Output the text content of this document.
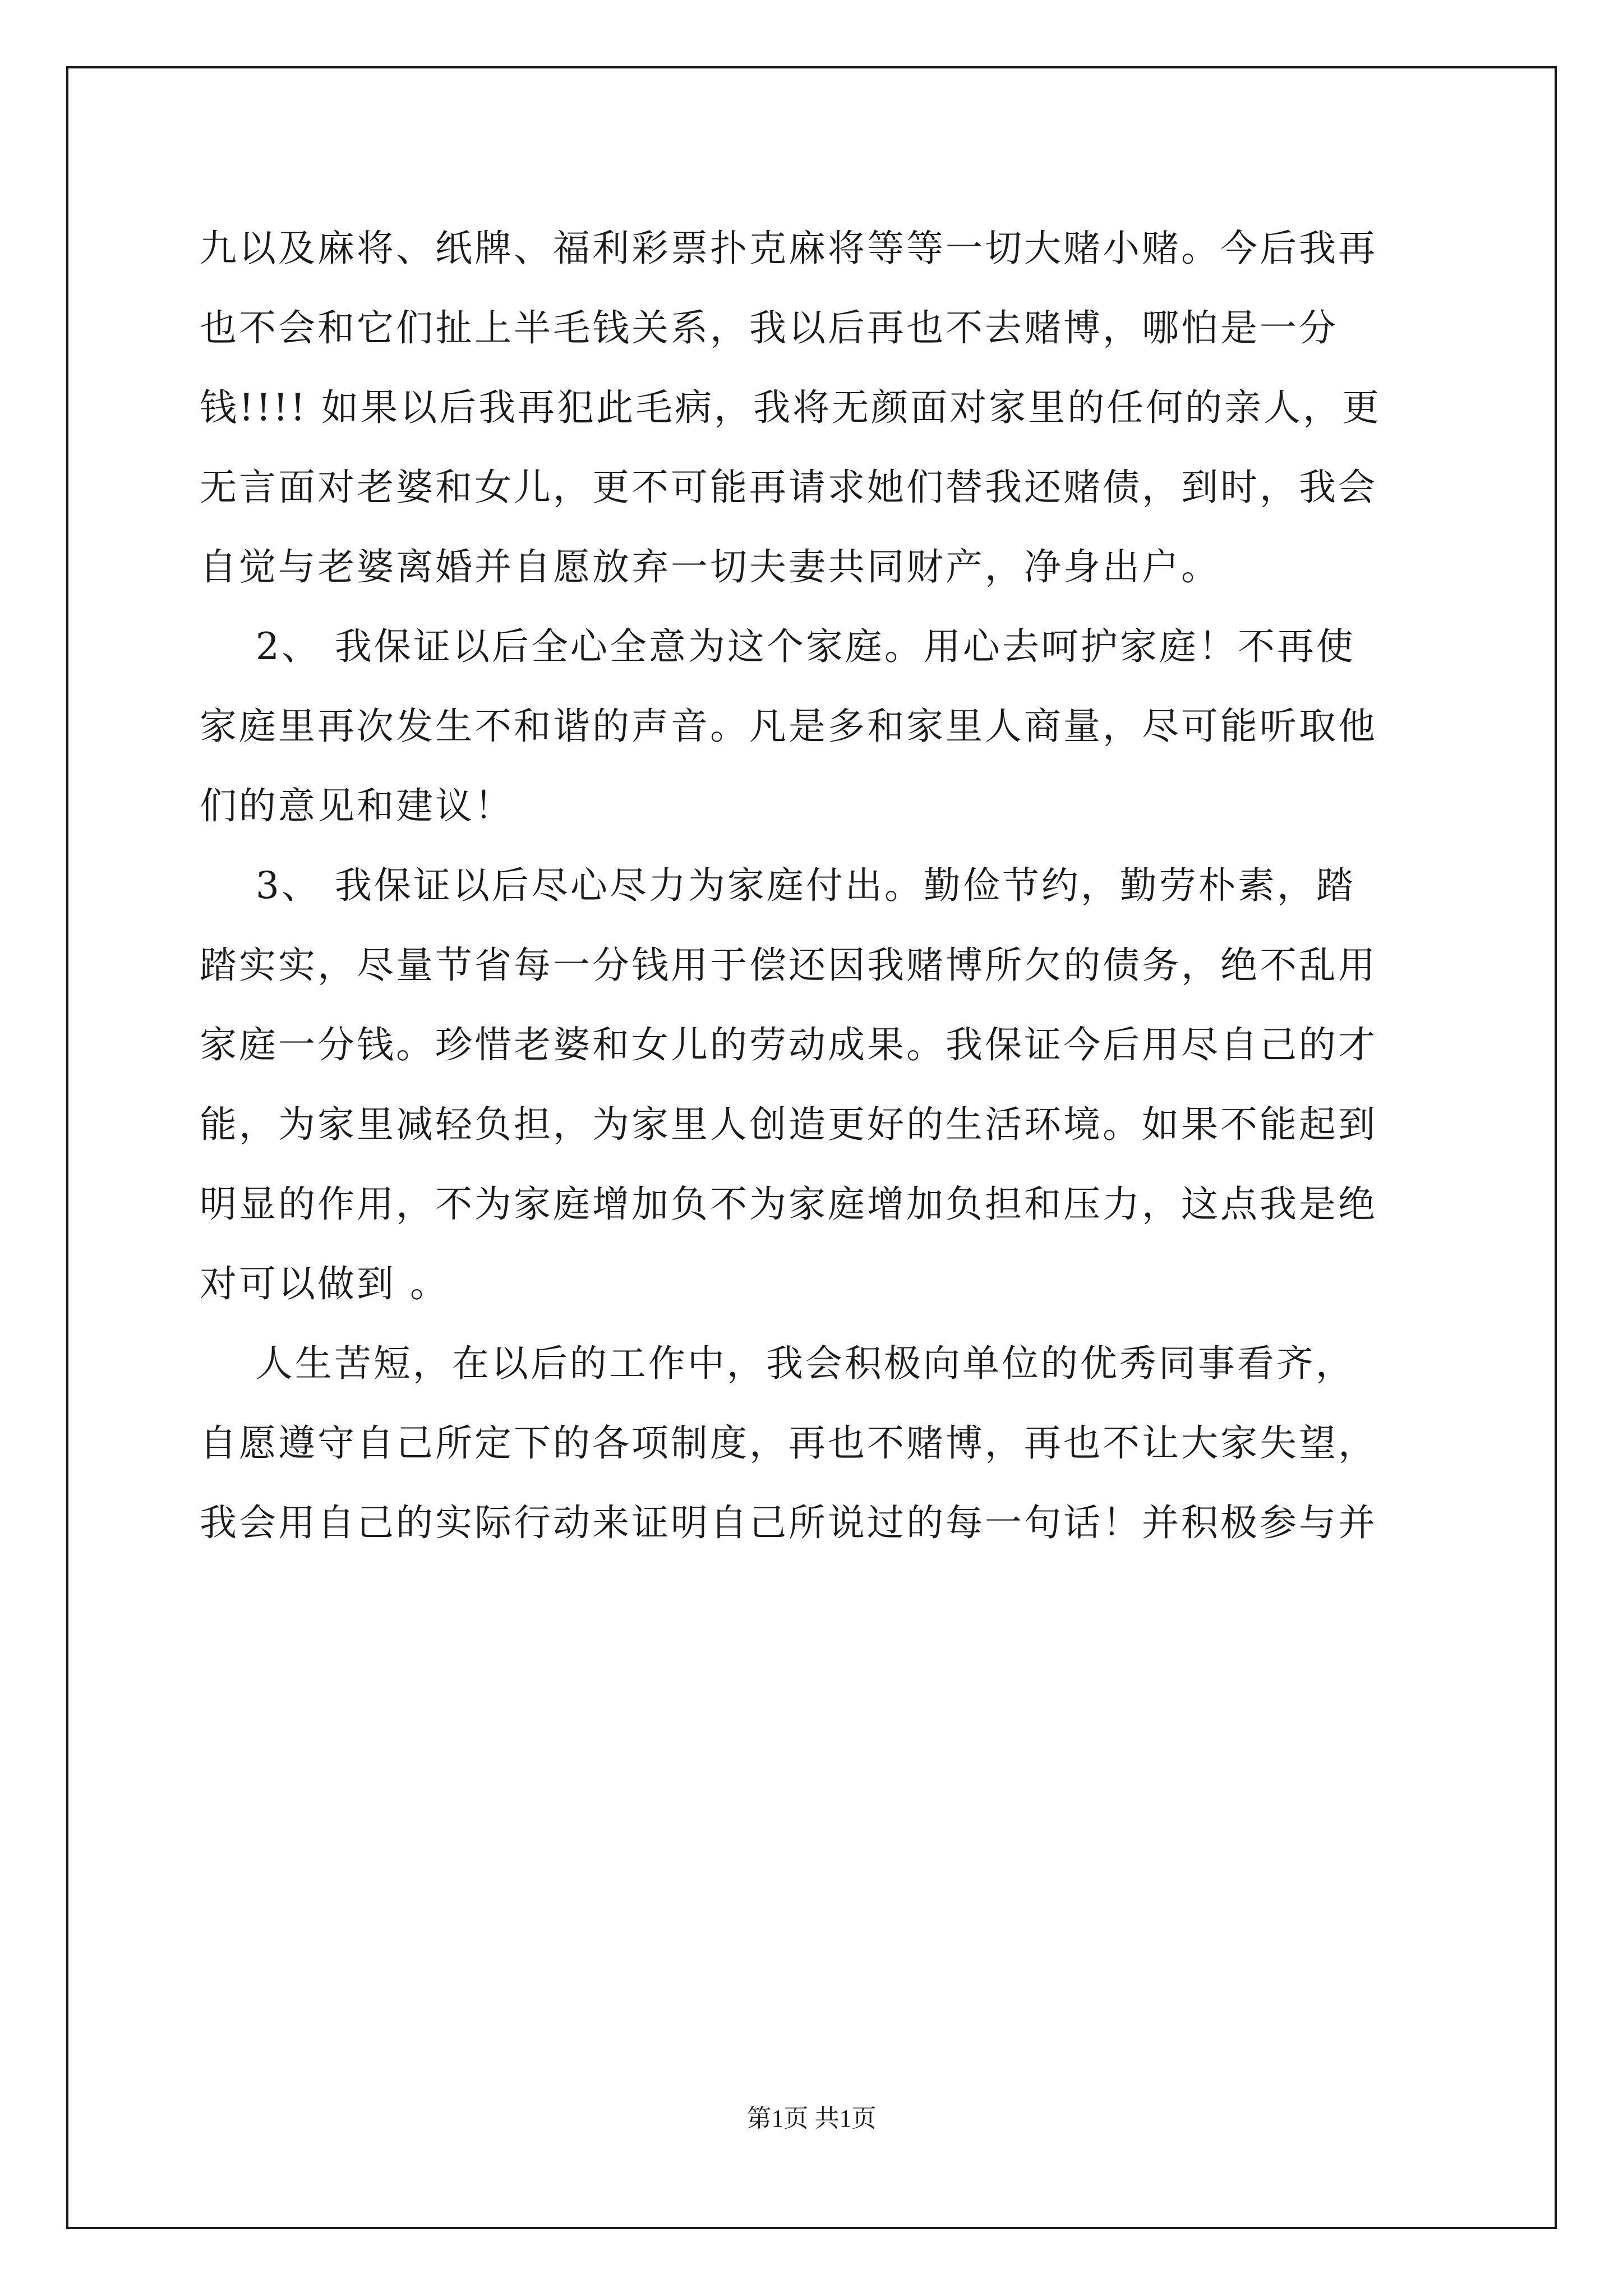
九以及麻将、纸牌、福利彩票扑克麻将等等一切大赌小赌。今后我再

也不会和它们扯上半毛钱关系，我以后再也不去赌博，哪怕是一分

钱!!!! 如果以后我再犯此毛病，我将无颜面对家里的任何的亲人，更

无言面对老婆和女儿，更不可能再请求她们替我还赌债，到时，我会

自觉与老婆离婚并自愿放弃一切夫妻共同财产，净身出户。

2、 我保证以后全心全意为这个家庭。用心去呵护家庭！不再使

家庭里再次发生不和谐的声音。凡是多和家里人商量，尽可能听取他

们的意见和建议！

3、 我保证以后尽心尽力为家庭付出。勤俭节约，勤劳朴素，踏

踏实实，尽量节省每一分钱用于偿还因我赌博所欠的债务，绝不乱用

家庭一分钱。珍惜老婆和女儿的劳动成果。我保证今后用尽自己的才

能，为家里减轻负担，为家里人创造更好的生活环境。如果不能起到

明显的作用，不为家庭增加负不为家庭增加负担和压力，这点我是绝

对可以做到 。

人生苦短，在以后的工作中，我会积极向单位的优秀同事看齐，

自愿遵守自己所定下的各项制度，再也不赌博，再也不让大家失望，

我会用自己的实际行动来证明自己所说过的每一句话！并积极参与并

第1页 共1页
